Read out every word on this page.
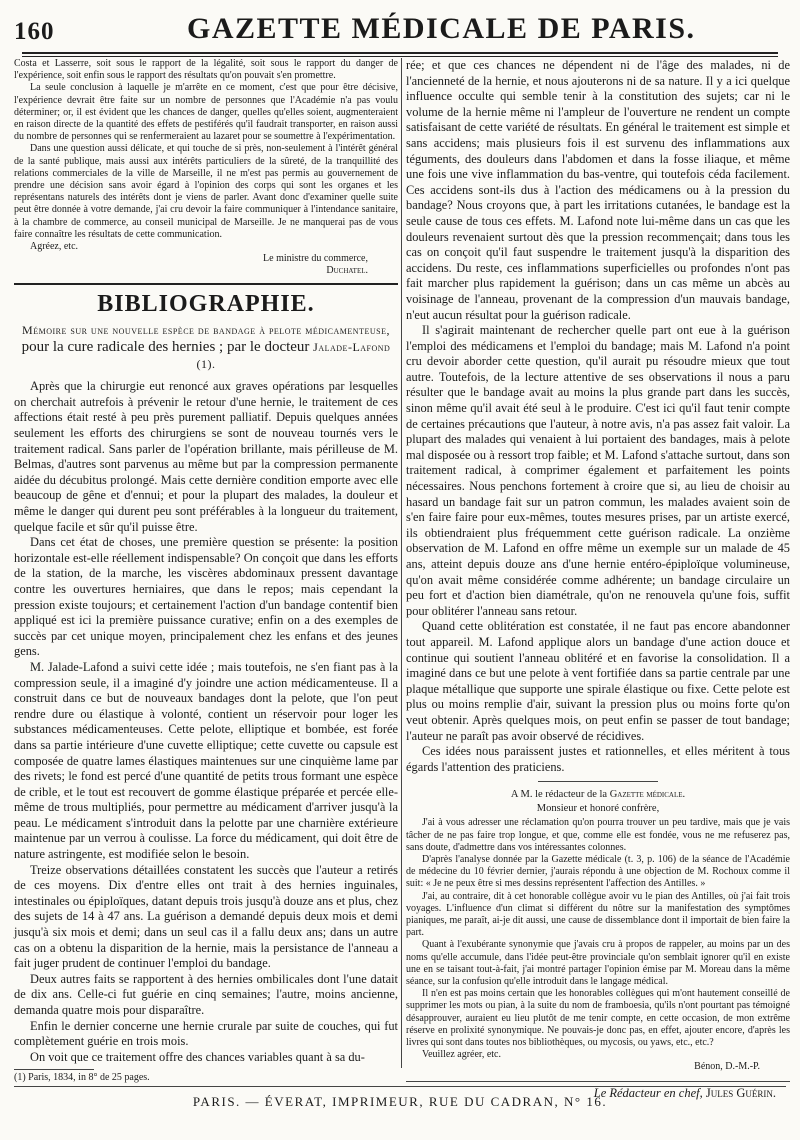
160	GAZETTE MÉDICALE DE PARIS.

Costa et Lasserre, soit sous le rapport de la légalité, soit sous le rapport du danger de l'expérience, soit enfin sous le rapport des résultats qu'on pouvait s'en promettre.

La seule conclusion à laquelle je m'arrête en ce moment, c'est que pour être décisive, l'expérience devrait être faite sur un nombre de personnes que l'Académie n'a pas voulu déterminer; or, il est évident que les chances de danger, quelles qu'elles soient, augmenteraient en raison directe de la quantité des effets de pestiférés qu'il faudrait transporter, en raison aussi du nombre de personnes qui se renfermeraient au lazaret pour se soumettre à l'expérimentation.

Dans une question aussi délicate, et qui touche de si près, non-seulement à l'intérêt général de la santé publique, mais aussi aux intérêts particuliers de la sûreté, de la tranquillité des relations commerciales de la ville de Marseille, il ne m'est pas permis au gouvernement de prendre une décision sans avoir égard à l'opinion des corps qui sont les organes et les représentans naturels des intérêts dont je viens de parler. Avant donc d'examiner quelle suite peut être donnée à votre demande, j'ai cru devoir la faire communiquer à l'intendance sanitaire, à la chambre de commerce, au conseil municipal de Marseille. Je ne manquerai pas de vous faire connaître les résultats de cette communication.

Agréez, etc.

Le ministre du commerce,
Duchatel.
BIBLIOGRAPHIE.
Mémoire sur une nouvelle espèce de bandage à pelote médicamenteuse, pour la cure radicale des hernies ; par le docteur Jalade-Lafond (1).

Après que la chirurgie eut renoncé aux graves opérations par lesquelles on cherchait autrefois à prévenir le retour d'une hernie, le traitement de ces affections était resté à peu près purement palliatif. Depuis quelques années seulement les efforts des chirurgiens se sont de nouveau tournés vers le traitement radical. Sans parler de l'opération brillante, mais périlleuse de M. Belmas, d'autres sont parvenus au même but par la compression permanente aidée du décubitus prolongé. Mais cette dernière condition emporte avec elle beaucoup de gêne et d'ennui; et pour la plupart des malades, la douleur et même le danger qui durent peu sont préférables à la longueur du traitement, quelque facile et sûr qu'il puisse être.

Dans cet état de choses, une première question se présente: la position horizontale est-elle réellement indispensable? On conçoit que dans les efforts de la station, de la marche, les viscères abdominaux pressent davantage contre les ouvertures herniaires, que dans le repos; mais cependant la pression existe toujours; et certainement l'action d'un bandage contentif bien appliqué est ici la première puissance curative; enfin on a des exemples de succès par cet unique moyen, principalement chez les enfans et des jeunes gens.

M. Jalade-Lafond a suivi cette idée ; mais toutefois, ne s'en fiant pas à la compression seule, il a imaginé d'y joindre une action médicamenteuse. Il a construit dans ce but de nouveaux bandages dont la pelote, que l'on peut rendre dure ou élastique à volonté, contient un réservoir pour loger les substances médicamenteuses. Cette pelote, elliptique et bombée, est forée dans sa partie intérieure d'une cuvette elliptique; cette cuvette ou capsule est composée de quatre lames élastiques maintenues sur une cinquième lame par des rivets; le fond est percé d'une quantité de petits trous formant une espèce de crible, et le tout est recouvert de gomme élastique préparée et percée elle-même de trous multipliés, pour permettre au médicament d'arriver jusqu'à la peau. Le médicament s'introduit dans la pelotte par une charnière extérieure maintenue par un verrou à coulisse. La force du médicament, qui doit être de nature astringente, est modifiée selon le besoin.

Treize observations détaillées constatent les succès que l'auteur a retirés de ces moyens. Dix d'entre elles ont trait à des hernies inguinales, intestinales ou épiploïques, datant depuis trois jusqu'à douze ans et plus, chez des sujets de 14 à 47 ans. La guérison a demandé depuis deux mois et demi jusqu'à six mois et demi; dans un seul cas il a fallu deux ans; dans un autre cas on a obtenu la disparition de la hernie, mais la persistance de l'anneau a fait juger prudent de continuer l'emploi du bandage.

Deux autres faits se rapportent à des hernies ombilicales dont l'une datait de dix ans. Celle-ci fut guérie en cinq semaines; l'autre, moins ancienne, demanda quatre mois pour disparaître.

Enfin le dernier concerne une hernie crurale par suite de couches, qui fut complètement guérie en trois mois.

On voit que ce traitement offre des chances variables quant à sa du-

(1) Paris, 1834, in 8° de 25 pages.

rée; et que ces chances ne dépendent ni de l'âge des malades, ni de l'ancienneté de la hernie, et nous ajouterons ni de sa nature. Il y a ici quelque influence occulte qui semble tenir à la constitution des sujets; car ni le volume de la hernie même ni l'ampleur de l'ouverture ne rendent un compte satisfaisant de cette variété de résultats. En général le traitement est simple et sans accidens; mais plusieurs fois il est survenu des inflammations aux téguments, des douleurs dans l'abdomen et dans la fosse iliaque, et même une fois une vive inflammation du bas-ventre, qui toutefois céda facilement. Ces accidens sont-ils dus à l'action des médicamens ou à la pression du bandage? Nous croyons que, à part les irritations cutanées, le bandage est la seule cause de tous ces effets. M. Lafond note lui-même dans un cas que les douleurs revenaient surtout dès que la pression recommençait; dans tous les cas on conçoit qu'il faut suspendre le traitement jusqu'à la disparition des accidens. Du reste, ces inflammations superficielles ou profondes n'ont pas fait marcher plus rapidement la guérison; dans un cas même un abcès au voisinage de l'anneau, provenant de la compression d'un mauvais bandage, n'eut aucun résultat pour la guérison radicale.

Il s'agirait maintenant de rechercher quelle part ont eue à la guérison l'emploi des médicamens et l'emploi du bandage; mais M. Lafond n'a point cru devoir aborder cette question, qu'il aurait pu résoudre mieux que tout autre. Toutefois, de la lecture attentive de ses observations il nous a paru résulter que le bandage avait au moins la plus grande part dans les succès, sinon même qu'il avait été seul à le produire. C'est ici qu'il faut tenir compte de certaines précautions que l'auteur, à notre avis, n'a pas assez fait valoir. La plupart des malades qui venaient à lui portaient des bandages, mais à pelote mal disposée ou à ressort trop faible; et M. Lafond s'attache surtout, dans son traitement radical, à comprimer également et parfaitement les points nécessaires. Nous penchons fortement à croire que si, au lieu de choisir au hasard un bandage fait sur un patron commun, les malades avaient soin de s'en faire faire pour eux-mêmes, toutes mesures prises, par un artiste exercé, ils obtiendraient plus fréquemment cette guérison radicale. La onzième observation de M. Lafond en offre même un exemple sur un malade de 45 ans, atteint depuis douze ans d'une hernie entéro-épiploïque volumineuse, qu'on avait même considérée comme adhérente; un bandage circulaire un peu fort et d'action bien diamétrale, qu'on ne renouvela qu'une fois, suffit pour oblitérer l'anneau sans retour.

Quand cette oblitération est constatée, il ne faut pas encore abandonner tout appareil. M. Lafond applique alors un bandage d'une action douce et continue qui soutient l'anneau oblitéré et en favorise la consolidation. Il a imaginé dans ce but une pelote à vent fortifiée dans sa partie centrale par une plaque métallique que supporte une spirale élastique ou fixe. Cette pelote est plus ou moins remplie d'air, suivant la pression plus ou moins forte qu'on veut obtenir. Après quelques mois, on peut enfin se passer de tout bandage; l'auteur ne paraît pas avoir observé de récidives.

Ces idées nous paraissent justes et rationnelles, et elles méritent à tous égards l'attention des praticiens.

A M. le rédacteur de la Gazette médicale.
Monsieur et honoré confrère,

J'ai à vous adresser une réclamation qu'on pourra trouver un peu tardive, mais que je vais tâcher de ne pas faire trop longue, et que, comme elle est fondée, vous ne me refuserez pas, sans doute, d'admettre dans vos intéressantes colonnes.

D'après l'analyse donnée par la Gazette médicale (t. 3, p. 106) de la séance de l'Académie de médecine du 10 février dernier, j'aurais répondu à une objection de M. Rochoux comme il suit: « Je ne peux être si mes dessins représentent l'affection des Antilles. »

J'ai, au contraire, dit à cet honorable collègue avoir vu le pian des Antilles, où j'ai fait trois voyages. L'influence d'un climat si différent du nôtre sur la manifestation des symptômes pianiques, me paraît, ai-je dit aussi, une cause de dissemblance dont il importait de bien faire la part.

Quant à l'exubérante synonymie que j'avais cru à propos de rappeler, au moins par un des noms qu'elle accumule, dans l'idée peut-être provinciale qu'on semblait ignorer qu'il en existe une en se taisant tout-à-fait, j'ai montré partager l'opinion émise par M. Moreau dans la même séance, sur la confusion qu'elle introduit dans le langage médical.

Il n'en est pas moins certain que les honorables collègues qui m'ont hautement conseillé de supprimer les mots ou pian, à la suite du nom de framboesia, qu'ils n'ont pourtant pas témoigné désapprouver, auraient eu lieu plutôt de me tenir compte, en cette occasion, de mon extrême réserve en prolixité synonymique. Ne pouvais-je donc pas, en effet, ajouter encore, d'après les livres qui sont dans toutes nos bibliothèques, ou mycosis, ou yaws, etc., etc.?

Veuillez agréer, etc.

Bénon, D.-M.-P.
Le Rédacteur en chef, Jules Guérin.
PARIS. — ÉVERAT, IMPRIMEUR, RUE DU CADRAN, N° 16.
